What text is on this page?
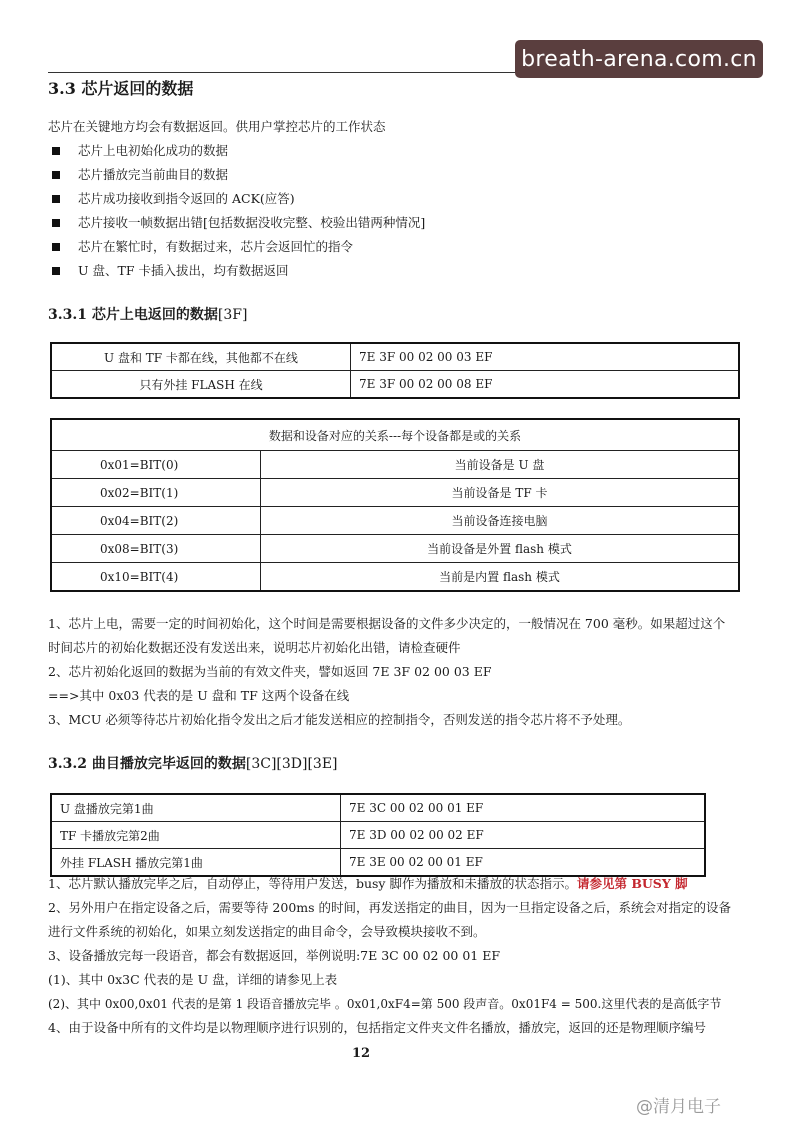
breath-arena.com.cn
3.3 芯片返回的数据
芯片在关键地方均会有数据返回。供用户掌控芯片的工作状态
芯片上电初始化成功的数据
芯片播放完当前曲目的数据
芯片成功接收到指令返回的 ACK(应答)
芯片接收一帧数据出错[包括数据没收完整、校验出错两种情况]
芯片在繁忙时，有数据过来，芯片会返回忙的指令
U 盘、TF 卡插入拔出，均有数据返回
3.3.1 芯片上电返回的数据[3F]
U 盘和 TF 卡都在线，其他都不在线	7E 3F 00 02 00 03 EF
只有外挂 FLASH 在线	7E 3F 00 02 00 08 EF
数据和设备对应的关系---每个设备都是或的关系	
0x01=BIT(0)	当前设备是 U 盘
0x02=BIT(1)	当前设备是 TF 卡
0x04=BIT(2)	当前设备连接电脑
0x08=BIT(3)	当前设备是外置 flash 模式
0x10=BIT(4)	当前是内置 flash 模式
1、芯片上电，需要一定的时间初始化，这个时间是需要根据设备的文件多少决定的，一般情况在 700 毫秒。如果超过这个
时间芯片的初始化数据还没有发送出来，说明芯片初始化出错，请检查硬件
2、芯片初始化返回的数据为当前的有效文件夹，譬如返回 7E 3F 02 00 03 EF
==>其中 0x03 代表的是 U 盘和 TF 这两个设备在线
3、MCU 必须等待芯片初始化指令发出之后才能发送相应的控制指令，否则发送的指令芯片将不予处理。
3.3.2 曲目播放完毕返回的数据[3C][3D][3E]
U 盘播放完第1曲	7E 3C 00 02 00 01 EF
TF 卡播放完第2曲	7E 3D 00 02 00 02 EF
外挂 FLASH 播放完第1曲	7E 3E 00 02 00 01 EF
1、芯片默认播放完毕之后，自动停止，等待用户发送，busy 脚作为播放和未播放的状态指示。请参见第 BUSY 脚
2、另外用户在指定设备之后，需要等待 200ms 的时间，再发送指定的曲目，因为一旦指定设备之后，系统会对指定的设备
进行文件系统的初始化，如果立刻发送指定的曲目命令，会导致模块接收不到。
3、设备播放完每一段语音，都会有数据返回，举例说明:7E 3C 00 02 00 01 EF
(1)、其中 0x3C 代表的是 U 盘，详细的请参见上表
(2)、其中 0x00,0x01 代表的是第 1 段语音播放完毕 。0x01,0xF4=第 500 段声音。0x01F4 = 500.这里代表的是高低字节
4、由于设备中所有的文件均是以物理顺序进行识别的，包括指定文件夹文件名播放，播放完，返回的还是物理顺序编号
12
@清月电子
